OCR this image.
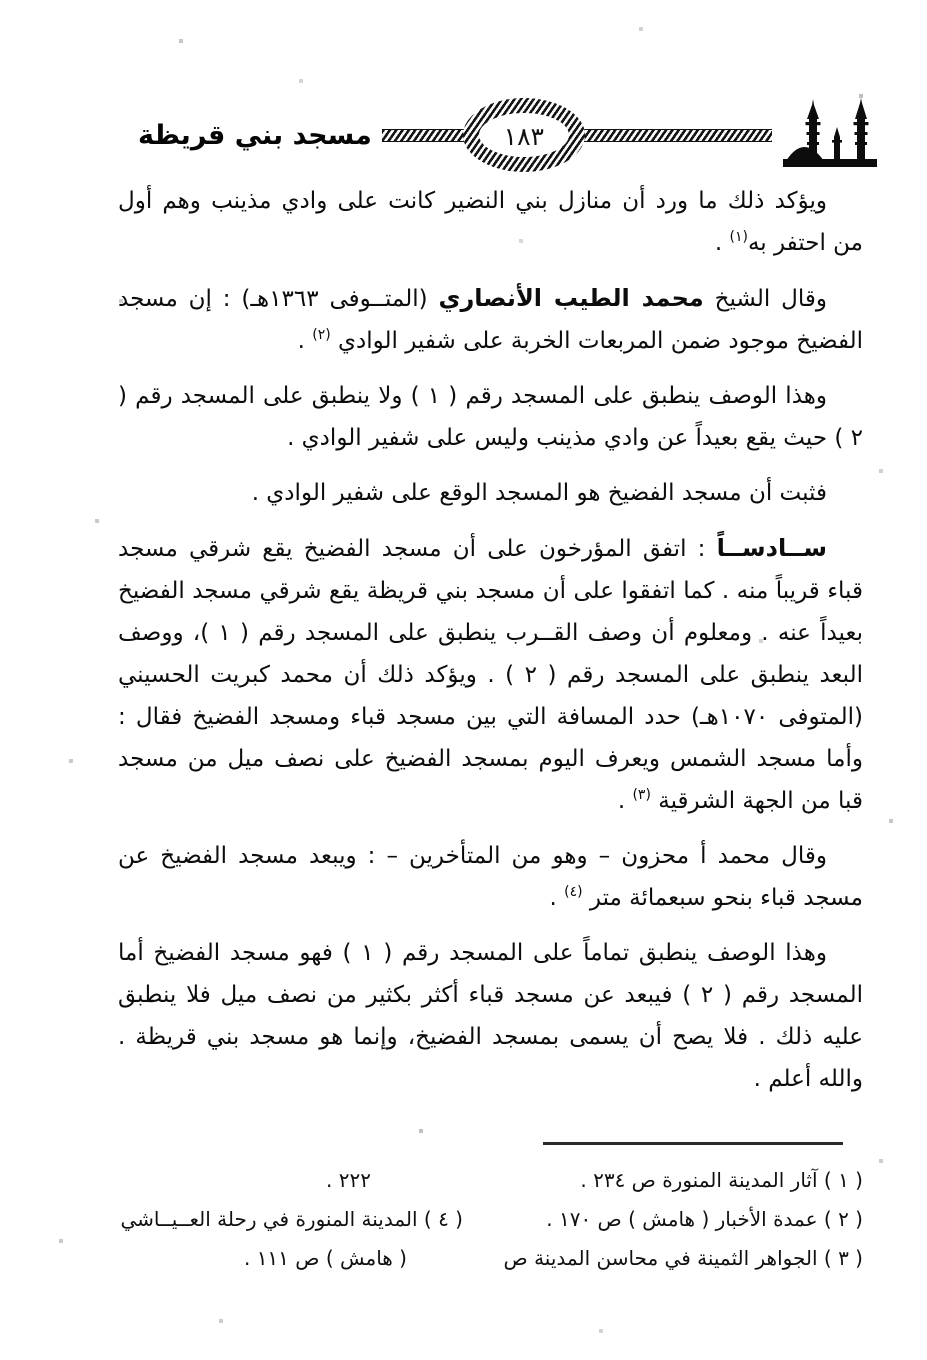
مسجد بني قريظة	١٨٣

ويؤكد ذلك ما ورد أن منازل بني النضير كانت على وادي مذينب وهم أول من احتفر به$^{(١)}$ .

وقال الشيخ محمد الطيب الأنصاري (المتــوفى ١٣٦٣هـ) : إن مسجد الفضيخ موجود ضمن المربعات الخربة على شفير الوادي $^{(٢)}$ .

وهذا الوصف ينطبق على المسجد رقم ( ١ ) ولا ينطبق على المسجد رقم ( ٢ ) حيث يقع بعيداً عن وادي مذينب وليس على شفير الوادي .

فثبت أن مسجد الفضيخ هو المسجد الوقع على شفير الوادي .

ســادســاً : اتفق المؤرخون على أن مسجد الفضيخ يقع شرقي مسجد قباء قريباً منه . كما اتفقوا على أن مسجد بني قريظة يقع شرقي مسجد الفضيخ بعيداً عنه . ومعلوم أن وصف القــرب ينطبق على المسجد رقم ( ١ )، ووصف البعد ينطبق على المسجد رقم ( ٢ ) . ويؤكد ذلك أن محمد كبريت الحسيني (المتوفى ١٠٧٠هـ) حدد المسافة التي بين مسجد قباء ومسجد الفضيخ فقال : وأما مسجد الشمس ويعرف اليوم بمسجد الفضيخ على نصف ميل من مسجد قبا من الجهة الشرقية $^{(٣)}$ .

وقال محمد أ محزون – وهو من المتأخرين – : ويبعد مسجد الفضيخ عن مسجد قباء بنحو سبعمائة متر $^{(٤)}$ .

وهذا الوصف ينطبق تماماً على المسجد رقم ( ١ ) فهو مسجد الفضيخ أما المسجد رقم ( ٢ ) فيبعد عن مسجد قباء أكثر بكثير من نصف ميل فلا ينطبق عليه ذلك . فلا يصح أن يسمى بمسجد الفضيخ، وإنما هو مسجد بني قريظة . والله أعلم .

( ١ ) آثار المدينة المنورة ص ٢٣٤ .
( ٢ ) عمدة الأخبار ( هامش ) ص ١٧٠ .
( ٣ ) الجواهر الثمينة في محاسن المدينة ص
٢٢٢ .
( ٤ ) المدينة المنورة في رحلة العــيــاشي
( هامش ) ص ١١١ .
